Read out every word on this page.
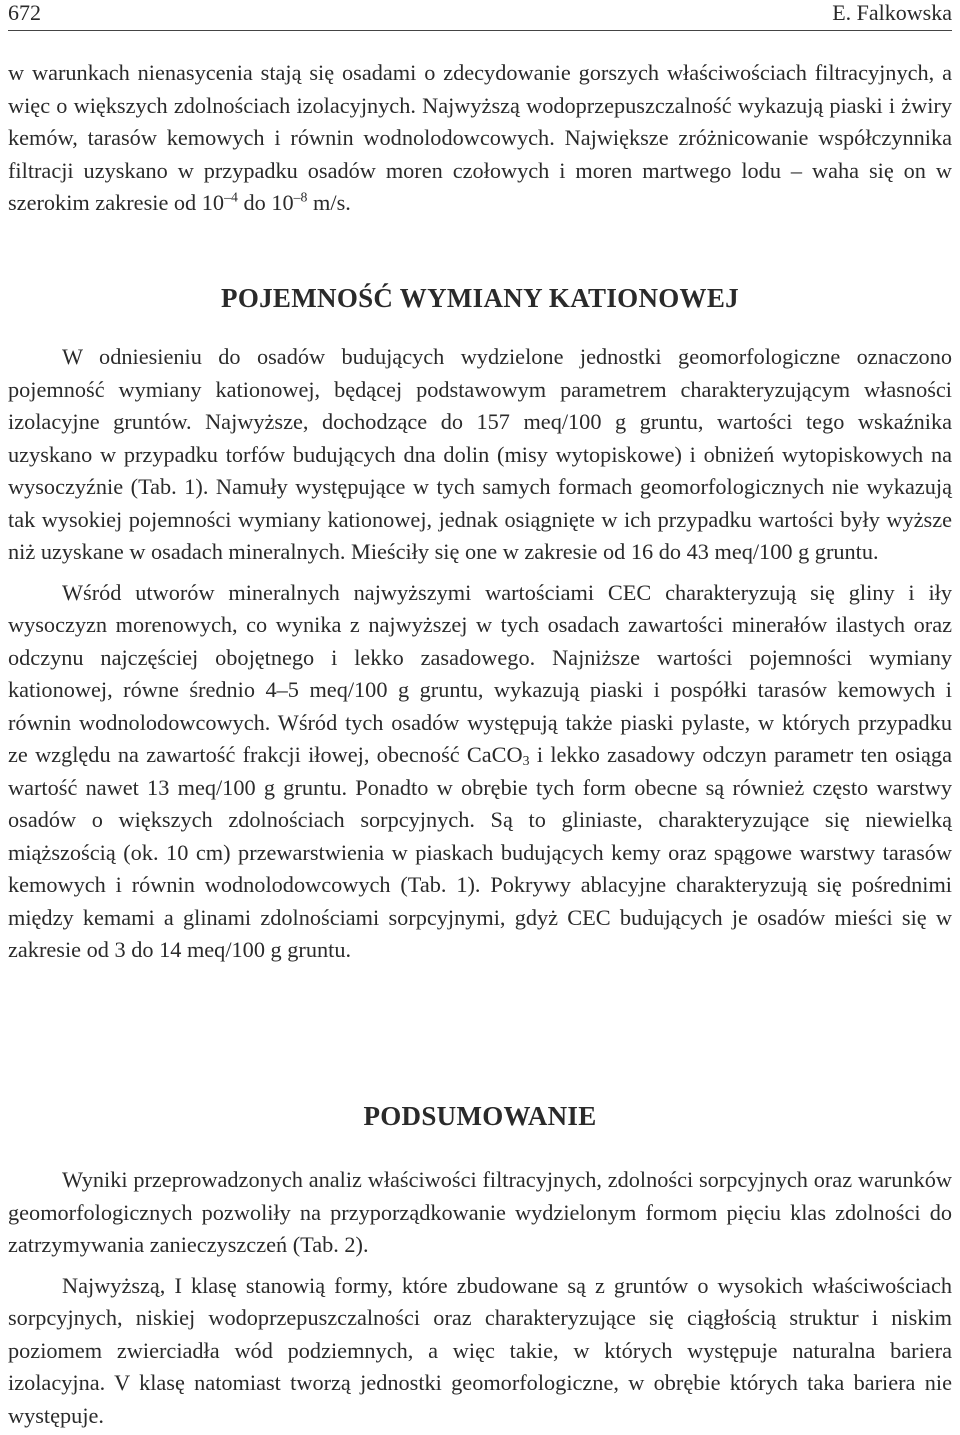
672	E. Falkowska

w warunkach nienasycenia stają się osadami o zdecydowanie gorszych właściwościach filtracyjnych, a więc o większych zdolnościach izolacyjnych. Najwyższą wodoprzepuszczalność wykazują piaski i żwiry kemów, tarasów kemowych i równin wodnolodowcowych. Największe zróżnicowanie współczynnika filtracji uzyskano w przypadku osadów moren czołowych i moren martwego lodu – waha się on w szerokim zakresie od $10^{-4}$ do $10^{-8}$ m/s.

POJEMNOŚĆ WYMIANY KATIONOWEJ

W odniesieniu do osadów budujących wydzielone jednostki geomorfologiczne oznaczono pojemność wymiany kationowej, będącej podstawowym parametrem charakteryzującym własności izolacyjne gruntów. Najwyższe, dochodzące do 157 meq/100 g gruntu, wartości tego wskaźnika uzyskano w przypadku torfów budujących dna dolin (misy wytopiskowe) i obniżeń wytopiskowych na wysoczyźnie (Tab. 1). Namuły występujące w tych samych formach geomorfologicznych nie wykazują tak wysokiej pojemności wymiany kationowej, jednak osiągnięte w ich przypadku wartości były wyższe niż uzyskane w osadach mineralnych. Mieściły się one w zakresie od 16 do 43 meq/100 g gruntu.

Wśród utworów mineralnych najwyższymi wartościami CEC charakteryzują się gliny i iły wysoczyzn morenowych, co wynika z najwyższej w tych osadach zawartości minerałów ilastych oraz odczynu najczęściej obojętnego i lekko zasadowego. Najniższe wartości pojemności wymiany kationowej, równe średnio 4–5 meq/100 g gruntu, wykazują piaski i pospółki tarasów kemowych i równin wodnolodowcowych. Wśród tych osadów występują także piaski pylaste, w których przypadku ze względu na zawartość frakcji iłowej, obecność CaCO$_3$ i lekko zasadowy odczyn parametr ten osiąga wartość nawet 13 meq/100 g gruntu. Ponadto w obrębie tych form obecne są również często warstwy osadów o większych zdolnościach sorpcyjnych. Są to gliniaste, charakteryzujące się niewielką miąższością (ok. 10 cm) przewarstwienia w piaskach budujących kemy oraz spągowe warstwy tarasów kemowych i równin wodnolodowcowych (Tab. 1). Pokrywy ablacyjne charakteryzują się pośrednimi między kemami a glinami zdolnościami sorpcyjnymi, gdyż CEC budujących je osadów mieści się w zakresie od 3 do 14 meq/100 g gruntu.

PODSUMOWANIE

Wyniki przeprowadzonych analiz właściwości filtracyjnych, zdolności sorpcyjnych oraz warunków geomorfologicznych pozwoliły na przyporządkowanie wydzielonym formom pięciu klas zdolności do zatrzymywania zanieczyszczeń (Tab. 2).

Najwyższą, I klasę stanowią formy, które zbudowane są z gruntów o wysokich właściwościach sorpcyjnych, niskiej wodoprzepuszczalności oraz charakteryzujące się ciągłością struktur i niskim poziomem zwierciadła wód podziemnych, a więc takie, w których występuje naturalna bariera izolacyjna. V klasę natomiast tworzą jednostki geomorfologiczne, w obrębie których taka bariera nie występuje.
